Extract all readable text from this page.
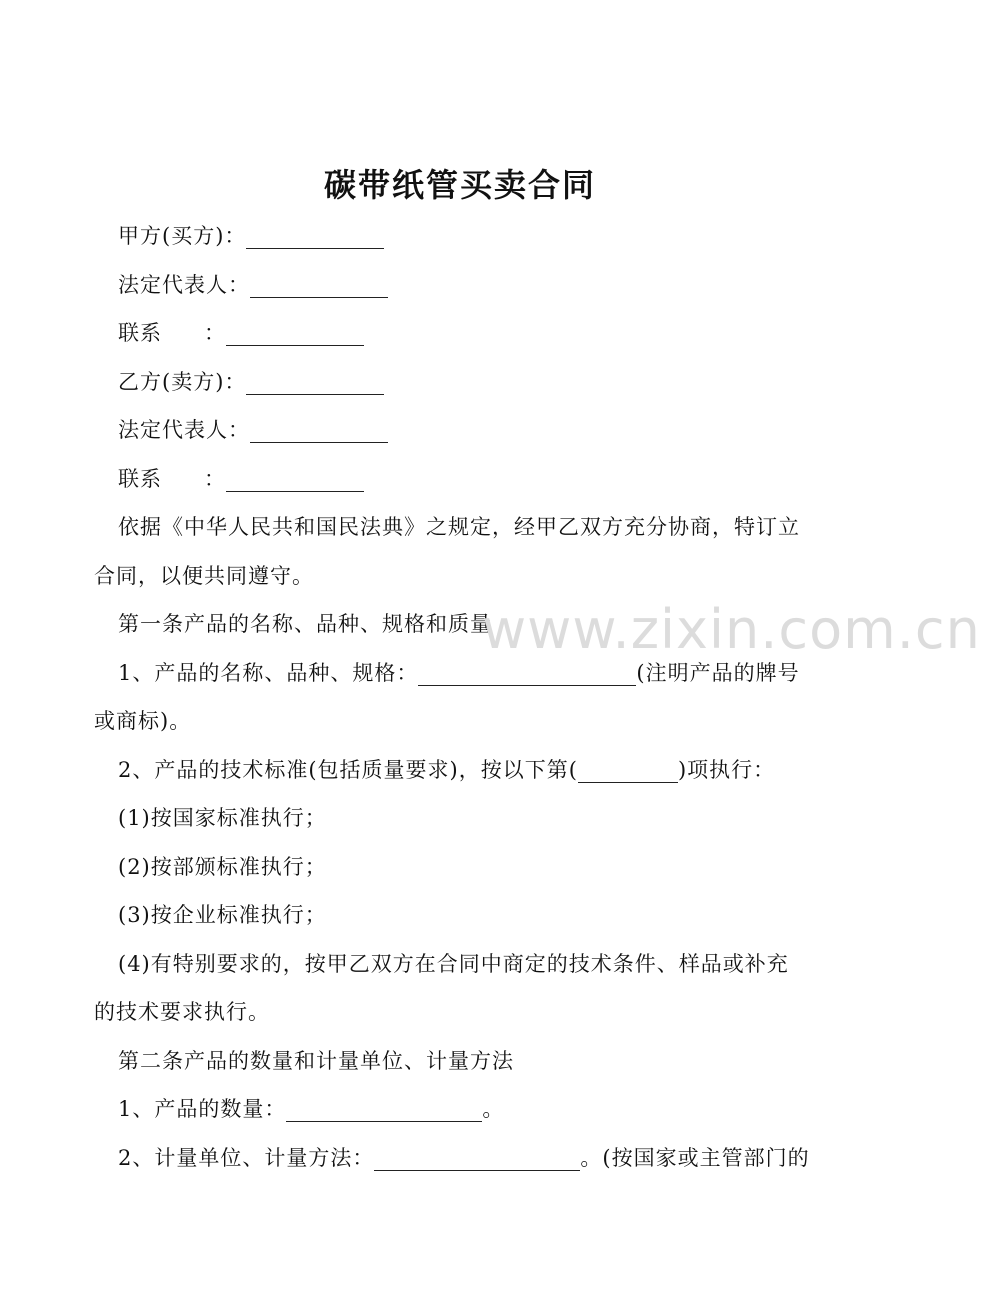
碳带纸管买卖合同
甲方(买方)：
法定代表人：
联系 ：
乙方(卖方)：
法定代表人：
联系 ：
依据《中华人民共和国民法典》之规定，经甲乙双方充分协商，特订立
合同，以便共同遵守。
第一条产品的名称、品种、规格和质量
1、产品的名称、品种、规格：	(注明产品的牌号
或商标)。
2、产品的技术标准(包括质量要求)，按以下第(	)项执行：
(1)按国家标准执行；
(2)按部颁标准执行；
(3)按企业标准执行；
(4)有特别要求的，按甲乙双方在合同中商定的技术条件、样品或补充
的技术要求执行。
第二条产品的数量和计量单位、计量方法
1、产品的数量：	。
2、计量单位、计量方法：	。(按国家或主管部门的
www.zixin.com.cn
